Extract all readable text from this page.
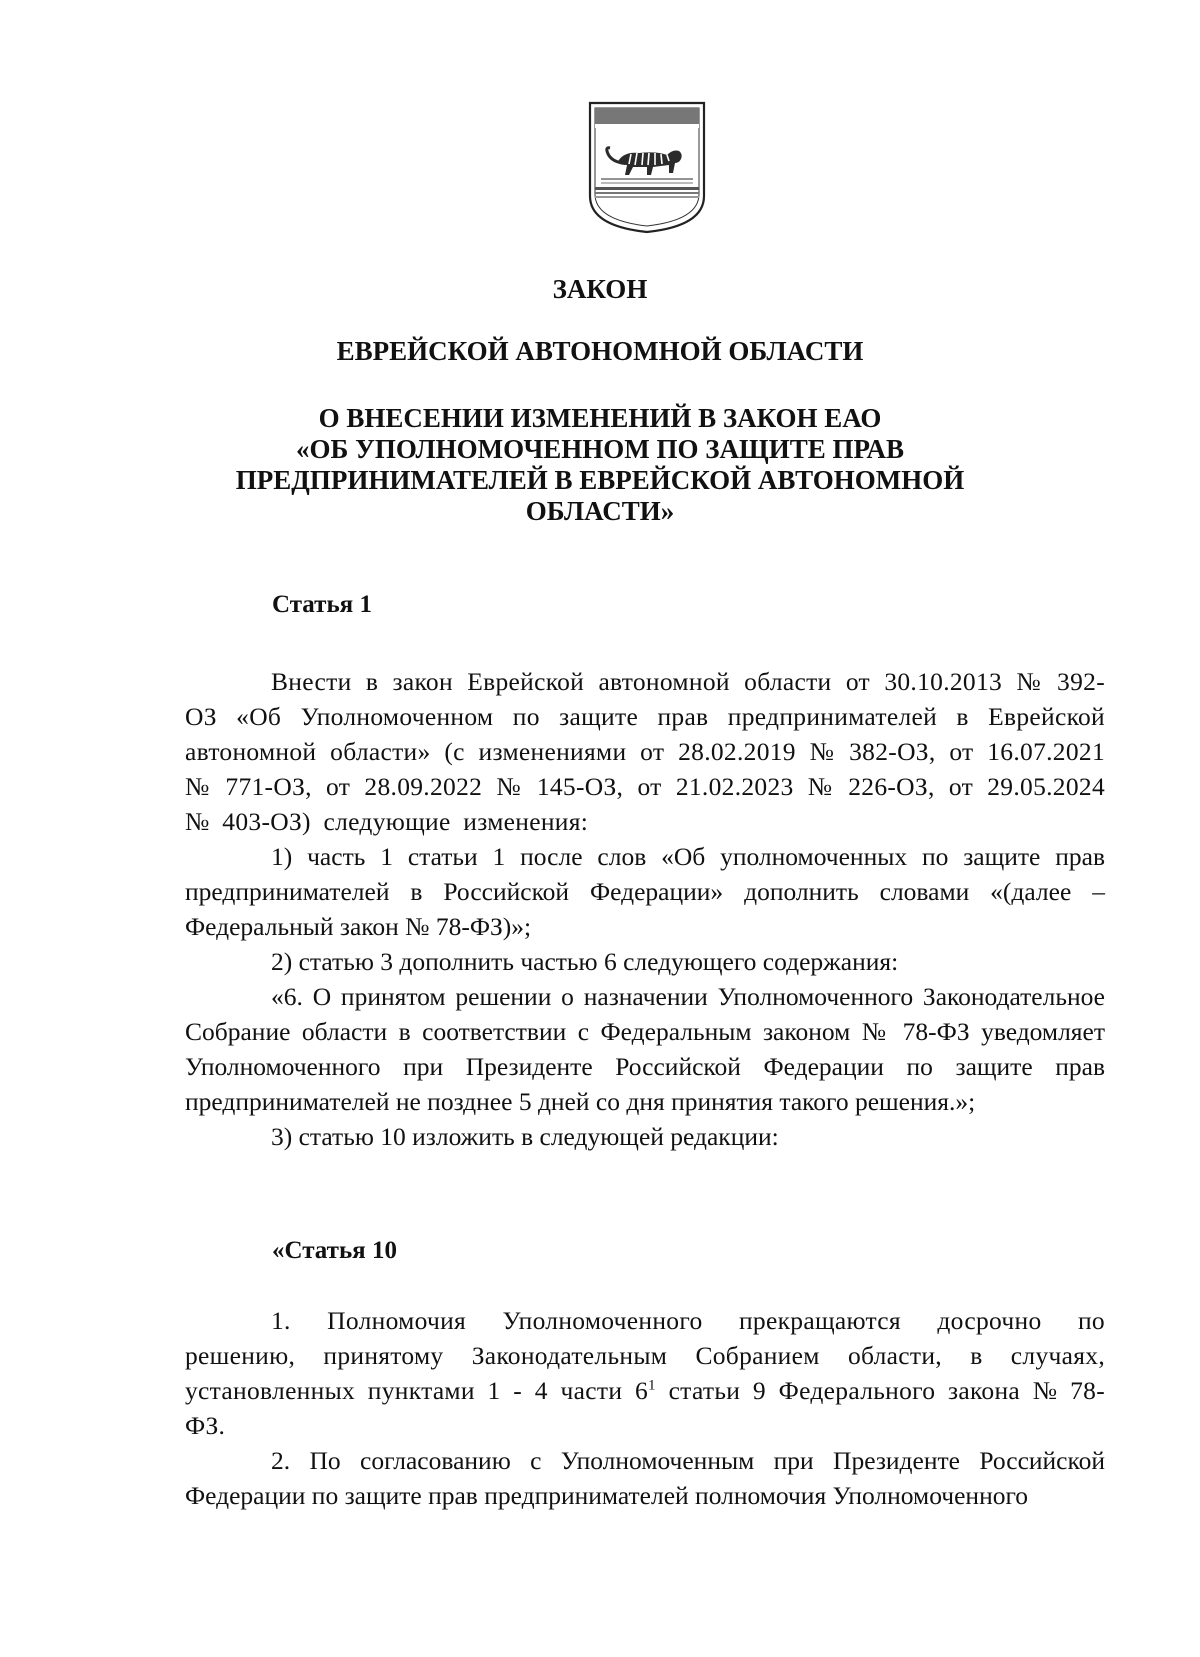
ЗАКОН
ЕВРЕЙСКОЙ АВТОНОМНОЙ ОБЛАСТИ
О ВНЕСЕНИИ ИЗМЕНЕНИЙ В ЗАКОН ЕАО
«ОБ УПОЛНОМОЧЕННОМ ПО ЗАЩИТЕ ПРАВ
ПРЕДПРИНИМАТЕЛЕЙ В ЕВРЕЙСКОЙ АВТОНОМНОЙ
ОБЛАСТИ»
Статья 1

Внести в закон Еврейской автономной области от 30.10.2013 № 392-ОЗ «Об Уполномоченном по защите прав предпринимателей в Еврейской автономной области» (с изменениями от 28.02.2019 № 382-ОЗ, от 16.07.2021 № 771-ОЗ, от 28.09.2022 № 145-ОЗ, от 21.02.2023 № 226-ОЗ, от 29.05.2024 № 403-ОЗ) следующие изменения:

1) часть 1 статьи 1 после слов «Об уполномоченных по защите прав предпринимателей в Российской Федерации» дополнить словами «(далее – Федеральный закон № 78-ФЗ)»;

2) статью 3 дополнить частью 6 следующего содержания:

«6. О принятом решении о назначении Уполномоченного Законодательное Собрание области в соответствии с Федеральным законом № 78-ФЗ уведомляет Уполномоченного при Президенте Российской Федерации по защите прав предпринимателей не позднее 5 дней со дня принятия такого решения.»;

3) статью 10 изложить в следующей редакции:

«Статья 10

1. Полномочия Уполномоченного прекращаются досрочно по решению, принятому Законодательным Собранием области, в случаях, установленных пунктами 1 - 4 части $6^1$ статьи 9 Федерального закона № 78-ФЗ.

2. По согласованию с Уполномоченным при Президенте Российской Федерации по защите прав предпринимателей полномочия Уполномоченного
